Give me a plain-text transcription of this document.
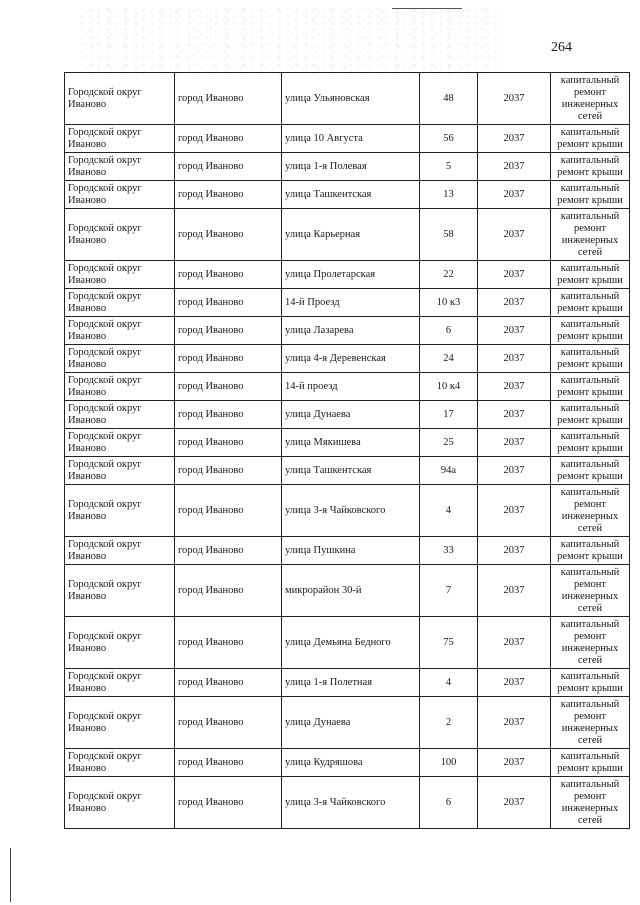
264
Городской округ Иваново	город Иваново	улица Ульяновская	48	2037	капитальный ремонт инженерных сетей
Городской округ Иваново	город Иваново	улица 10 Августа	56	2037	капитальный ремонт крыши
Городской округ Иваново	город Иваново	улица 1-я Полевая	5	2037	капитальный ремонт крыши
Городской округ Иваново	город Иваново	улица Ташкентская	13	2037	капитальный ремонт крыши
Городской округ Иваново	город Иваново	улица Карьерная	58	2037	капитальный ремонт инженерных сетей
Городской округ Иваново	город Иваново	улица Пролетарская	22	2037	капитальный ремонт крыши
Городской округ Иваново	город Иваново	14-й Проезд	10 к3	2037	капитальный ремонт крыши
Городской округ Иваново	город Иваново	улица Лазарева	6	2037	капитальный ремонт крыши
Городской округ Иваново	город Иваново	улица 4-я Деревенская	24	2037	капитальный ремонт крыши
Городской округ Иваново	город Иваново	14-й проезд	10 к4	2037	капитальный ремонт крыши
Городской округ Иваново	город Иваново	улица Дунаева	17	2037	капитальный ремонт крыши
Городской округ Иваново	город Иваново	улица Мякишева	25	2037	капитальный ремонт крыши
Городской округ Иваново	город Иваново	улица Ташкентская	94а	2037	капитальный ремонт крыши
Городской округ Иваново	город Иваново	улица 3-я Чайковского	4	2037	капитальный ремонт инженерных сетей
Городской округ Иваново	город Иваново	улица Пушкина	33	2037	капитальный ремонт крыши
Городской округ Иваново	город Иваново	микрорайон 30-й	7	2037	капитальный ремонт инженерных сетей
Городской округ Иваново	город Иваново	улица Демьяна Бедного	75	2037	капитальный ремонт инженерных сетей
Городской округ Иваново	город Иваново	улица 1-я Полетная	4	2037	капитальный ремонт крыши
Городской округ Иваново	город Иваново	улица Дунаева	2	2037	капитальный ремонт инженерных сетей
Городской округ Иваново	город Иваново	улица Кудряшова	100	2037	капитальный ремонт крыши
Городской округ Иваново	город Иваново	улица 3-я Чайковского	6	2037	капитальный ремонт инженерных сетей
